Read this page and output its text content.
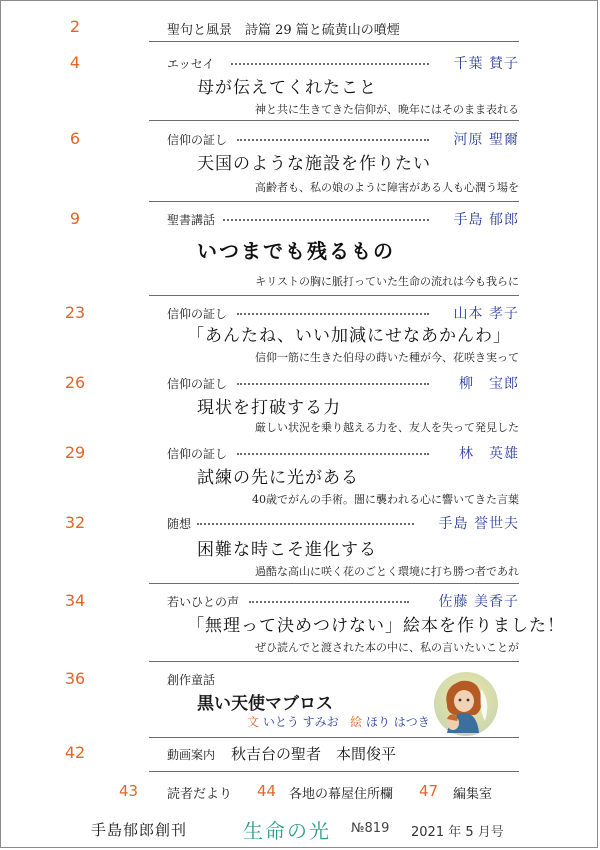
2	聖句と風景　詩篇 29 篇と硫黄山の噴煙
4	エッセイ	千葉 賛子
母が伝えてくれたこと
神と共に生きてきた信仰が、晩年にはそのまま表れる
6	信仰の証し	河原 聖爾
天国のような施設を作りたい
高齢者も、私の娘のように障害がある人も心潤う場を
9	聖書講話	手島 郁郎
いつまでも残るもの
キリストの胸に脈打っていた生命の流れは今も我らに
23	信仰の証し	山本 孝子
「あんたね、いい加減にせなあかんわ」
信仰一筋に生きた伯母の蒔いた種が今、花咲き実って
26	信仰の証し	柳　宝郎
現状を打破する力
厳しい状況を乗り越える力を、友人を失って発見した
29	信仰の証し	林　英雄
試練の先に光がある
40歳でがんの手術。闇に襲われる心に響いてきた言葉
32	随想	手島 誉世夫
困難な時こそ進化する
過酷な高山に咲く花のごとく環境に打ち勝つ者であれ
34	若いひとの声	佐藤 美香子
「無理って決めつけない」絵本を作りました！
ぜひ読んでと渡された本の中に、私の言いたいことが
36	創作童話
黒い天使マブロス
文 いとう すみお 絵 ほり はつき
42	動画案内 秋吉台の聖者　本間俊平
43 読者だより 44 各地の幕屋住所欄 47 編集室
手島郁郎創刊	生命の光 №819 2021 年 5 月号
